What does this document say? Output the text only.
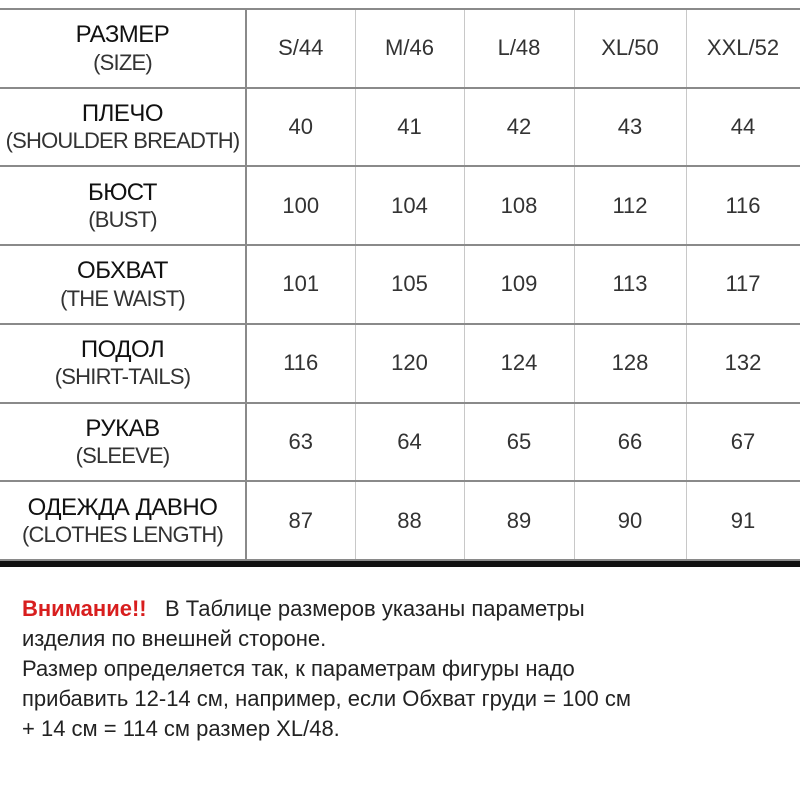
РАЗМЕР
(SIZE)	S/44	M/46	L/48	XL/50	XXL/52

ПЛЕЧО
(SHOULDER BREADTH)	40	41	42	43	44

БЮСТ
(BUST)	100	104	108	112	116

ОБХВАТ
(THE WAIST)	101	105	109	113	117

ПОДОЛ
(SHIRT-TAILS)	116	120	124	128	132

РУКАВ
(SLEEVE)	63	64	65	66	67

ОДЕЖДА ДАВНО
(CLOTHES LENGTH)	87	88	89	90	91

Внимание!! В Таблице размеров указаны параметры

изделия по внешней стороне.

Размер определяется так, к параметрам фигуры надо

прибавить 12-14 см, например, если Обхват груди = 100 см

+ 14 см = 114 см размер XL/48.
